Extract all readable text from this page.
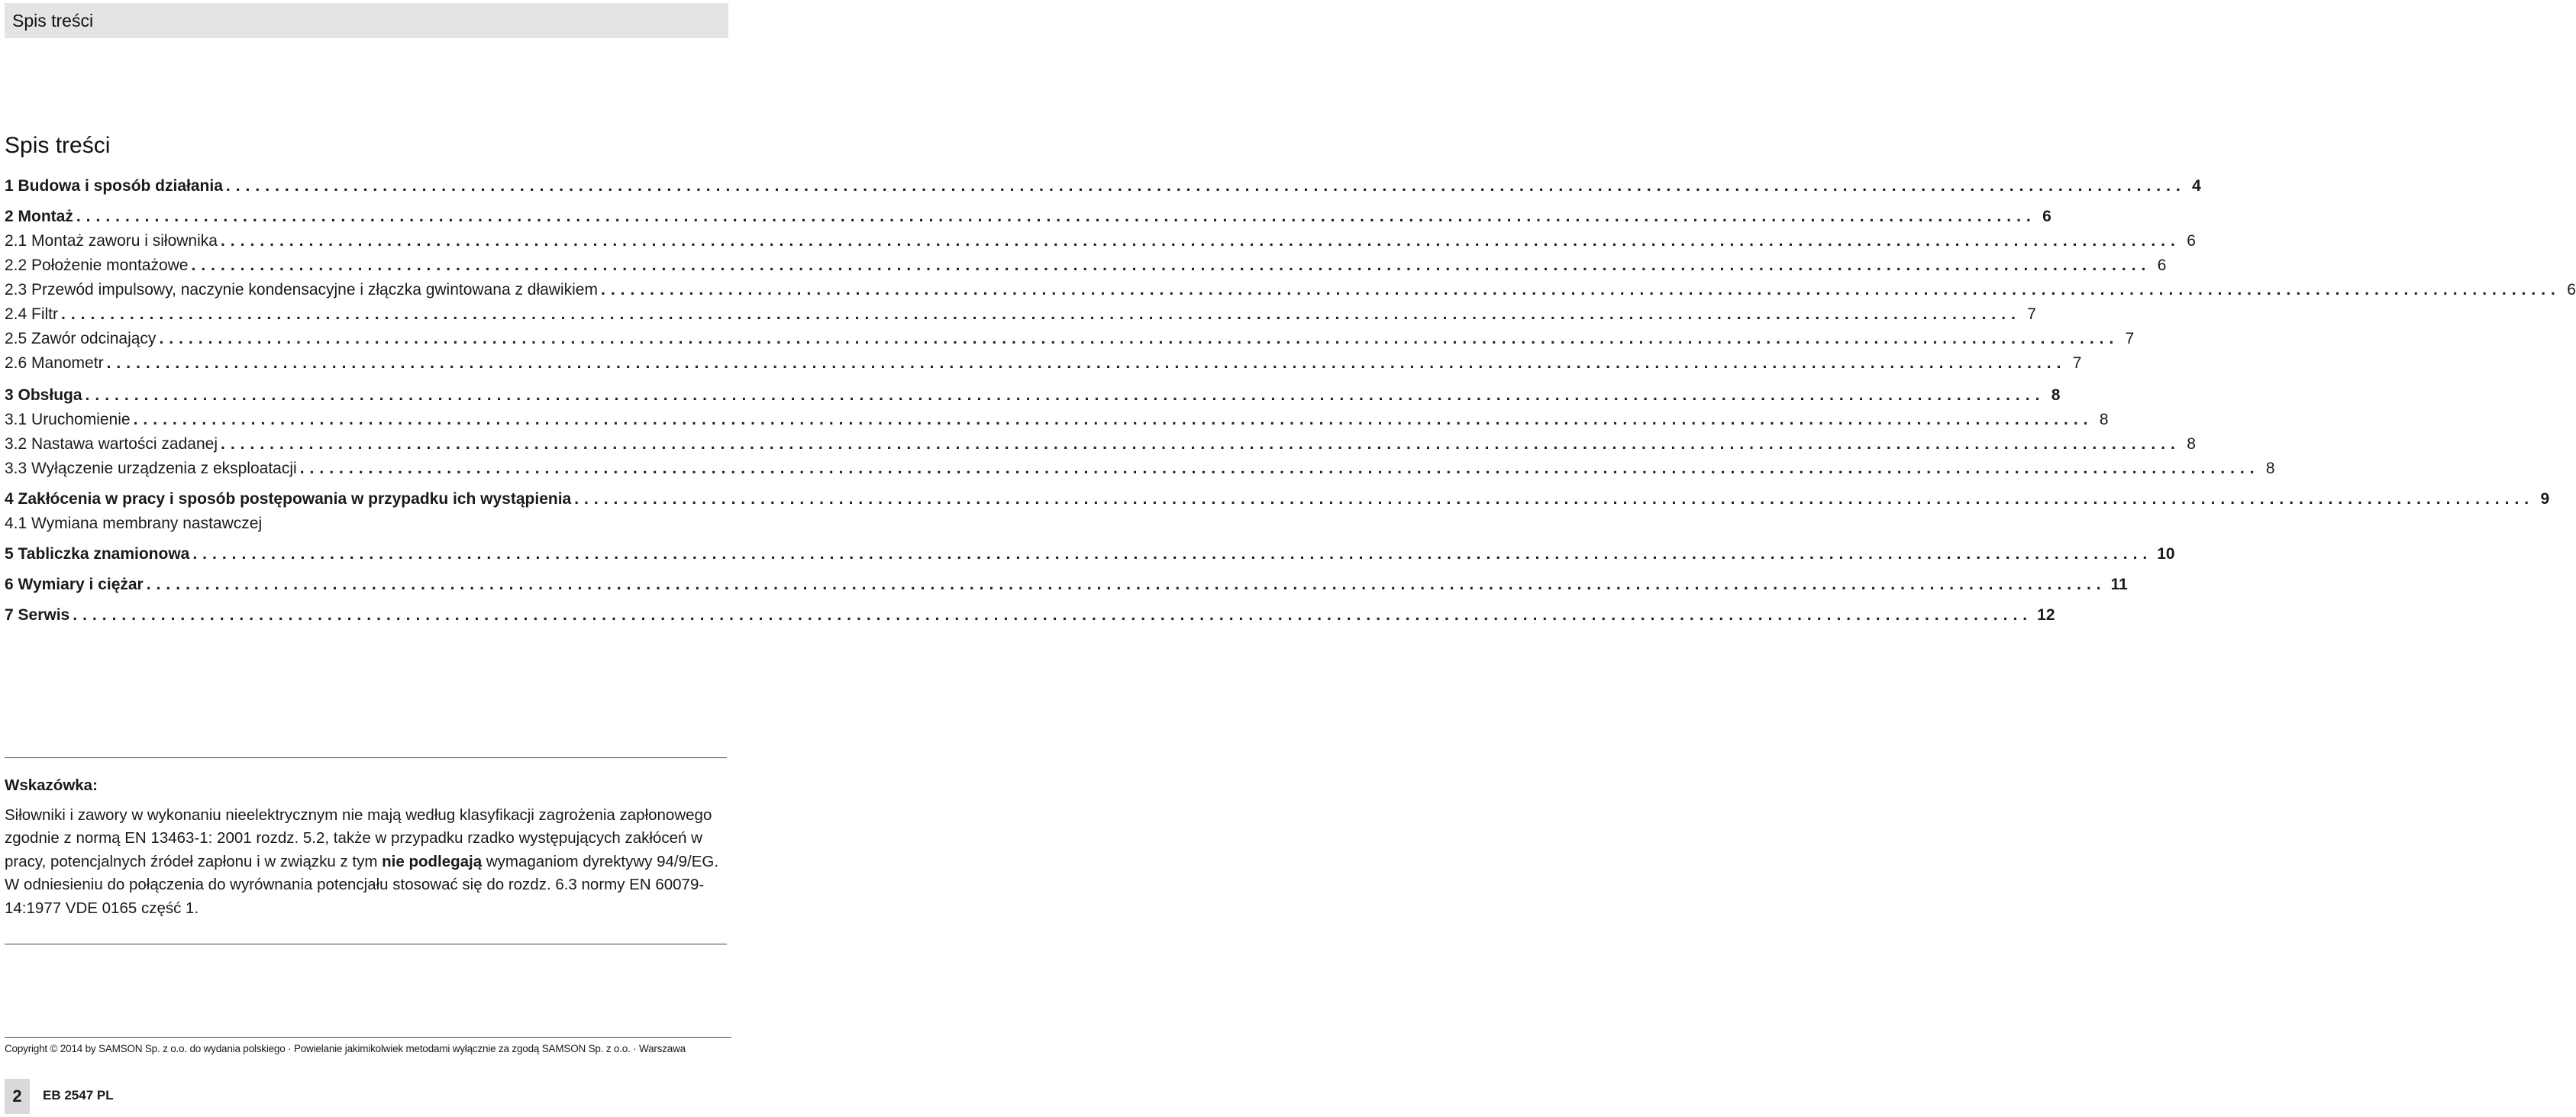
Spis treści
Spis treści
1 Budowa i sposób działania ........................................................................................................................................................................................................ 4
2 Montaż ........................................................................................................................................................................................................ 6
2.1 Montaż zaworu i siłownika ........................................................................................................................................................................................................ 6
2.2 Położenie montażowe ........................................................................................................................................................................................................ 6
2.3 Przewód impulsowy, naczynie kondensacyjne i złączka gwintowana z dławikiem ........................................................................................................................................................................................................ 6
2.4 Filtr ........................................................................................................................................................................................................ 7
2.5 Zawór odcinający ........................................................................................................................................................................................................ 7
2.6 Manometr ........................................................................................................................................................................................................ 7
3 Obsługa ........................................................................................................................................................................................................ 8
3.1 Uruchomienie ........................................................................................................................................................................................................ 8
3.2 Nastawa wartości zadanej ........................................................................................................................................................................................................ 8
3.3 Wyłączenie urządzenia z eksploatacji ........................................................................................................................................................................................................ 8
4 Zakłócenia w pracy i sposób postępowania w przypadku ich wystąpienia ........................................................................................................................................................................................................ 9
4.1 Wymiana membrany nastawczej
5 Tabliczka znamionowa ........................................................................................................................................................................................................ 10
6 Wymiary i ciężar ........................................................................................................................................................................................................ 11
7 Serwis ........................................................................................................................................................................................................ 12

Wskazówka:

Siłowniki i zawory w wykonaniu nieelektrycznym nie mają według klasyfikacji zagrożenia zapłonowego zgodnie z normą EN 13463-1: 2001 rozdz. 5.2, także w przypadku rzadko występujących zakłóceń w pracy, potencjalnych źródeł zapłonu i w związku z tym nie podlegają wymaganiom dyrektywy 94/9/EG.

W odniesieniu do połączenia do wyrównania potencjału stosować się do rozdz. 6.3 normy EN 60079-14:1977 VDE 0165 część 1.

Copyright © 2014 by SAMSON Sp. z o.o. do wydania polskiego · Powielanie jakimikolwiek metodami wyłącznie za zgodą SAMSON Sp. z o.o. · Warszawa
2	EB 2547 PL
